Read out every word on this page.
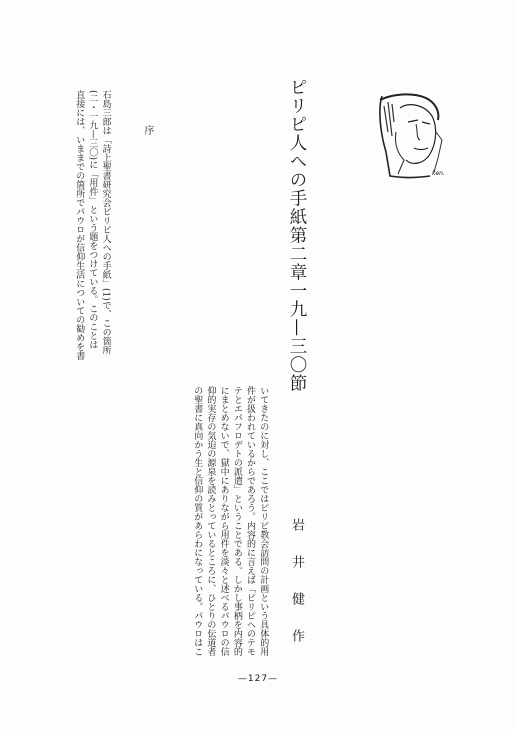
ピリピ人への手紙第二章一九—三〇節	ken.
岩井健作
序
石島三郎は「詩上聖書研究会ピリピ人への手紙」(1)で、この箇所
(二・一九—三〇)に「用件」という題をつけている。このことは
直接には、いままでの箇所でパウロが信仰生活についての勧めを書
いてきたのに対し、ここではピリピ教会訪問の計画という具体的用
件が扱われているからであろう。内容的に言えば「ピリピへのテモ
テとエパフロデトの派遣」ということである。しかし事柄を内容的
にまとめないで、獄中にありながら用件を淡々と述べるパウロの信
仰的実存の気迫の源泉を読みとっているところに、ひとりの伝道者
の聖書に真向かう生と信仰の質があらわになっている。パウロはこ
—127—
